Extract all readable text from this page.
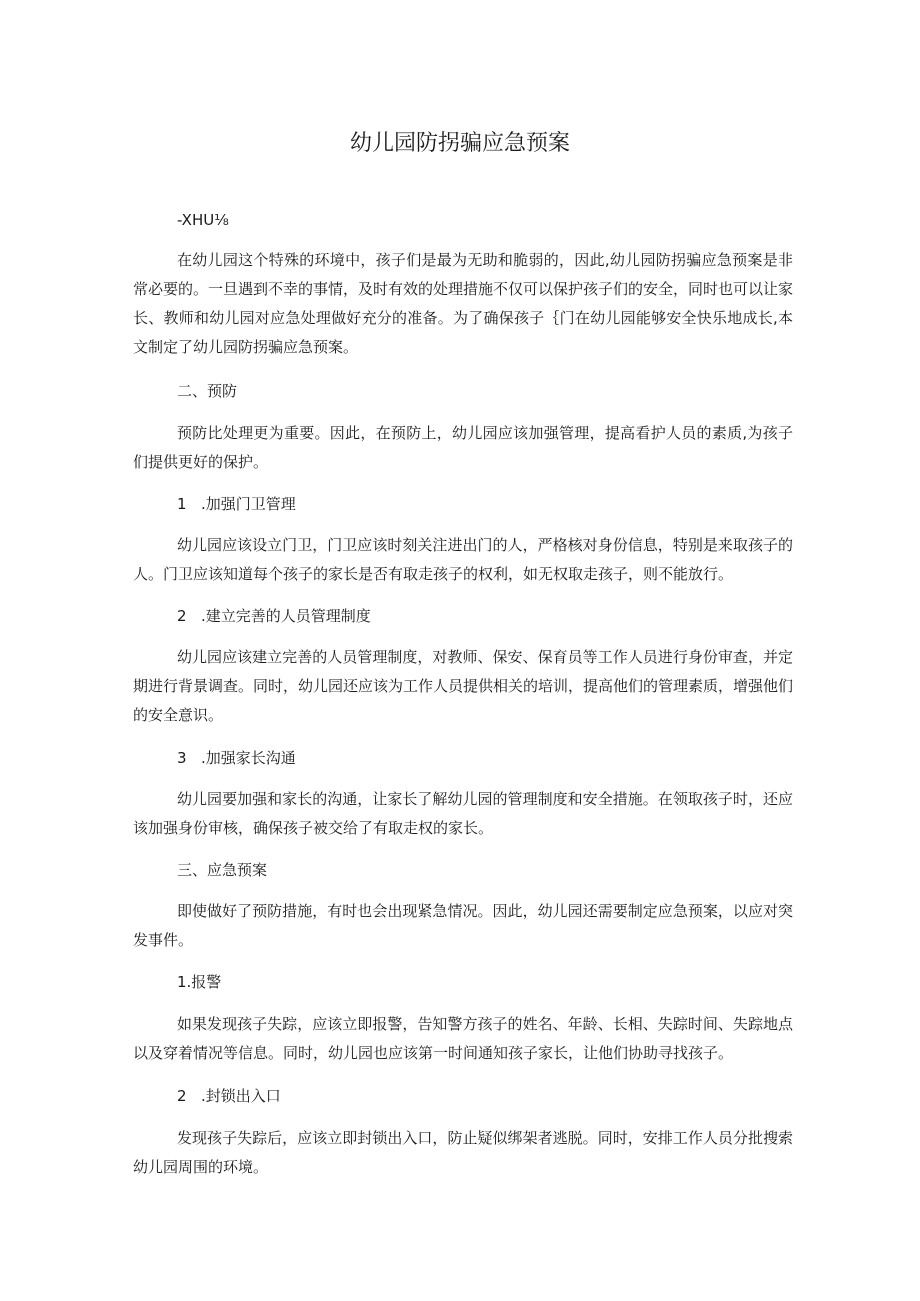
幼儿园防拐骗应急预案
-XHU⅛
在幼儿园这个特殊的环境中，孩子们是最为无助和脆弱的，因此,幼儿园防拐骗应急预案是非常必要的。一旦遇到不幸的事情，及时有效的处理措施不仅可以保护孩子们的安全，同时也可以让家长、教师和幼儿园对应急处理做好充分的准备。为了确保孩子｛门在幼儿园能够安全快乐地成长,本文制定了幼儿园防拐骗应急预案。
二、预防
预防比处理更为重要。因此，在预防上，幼儿园应该加强管理，提高看护人员的素质,为孩子们提供更好的保护。
1 .加强门卫管理
幼儿园应该设立门卫，门卫应该时刻关注进出门的人，严格核对身份信息，特别是来取孩子的人。门卫应该知道每个孩子的家长是否有取走孩子的权利，如无权取走孩子，则不能放行。
2 .建立完善的人员管理制度
幼儿园应该建立完善的人员管理制度，对教师、保安、保育员等工作人员进行身份审查，并定期进行背景调查。同时，幼儿园还应该为工作人员提供相关的培训，提高他们的管理素质，增强他们的安全意识。
3 .加强家长沟通
幼儿园要加强和家长的沟通，让家长了解幼儿园的管理制度和安全措施。在领取孩子时，还应该加强身份审核，确保孩子被交给了有取走权的家长。
三、应急预案
即使做好了预防措施，有时也会出现紧急情况。因此，幼儿园还需要制定应急预案，以应对突发事件。
1.报警
如果发现孩子失踪，应该立即报警，告知警方孩子的姓名、年龄、长相、失踪时间、失踪地点以及穿着情况等信息。同时，幼儿园也应该第一时间通知孩子家长，让他们协助寻找孩子。
2 .封锁出入口
发现孩子失踪后，应该立即封锁出入口，防止疑似绑架者逃脱。同时，安排工作人员分批搜索幼儿园周围的环境。
